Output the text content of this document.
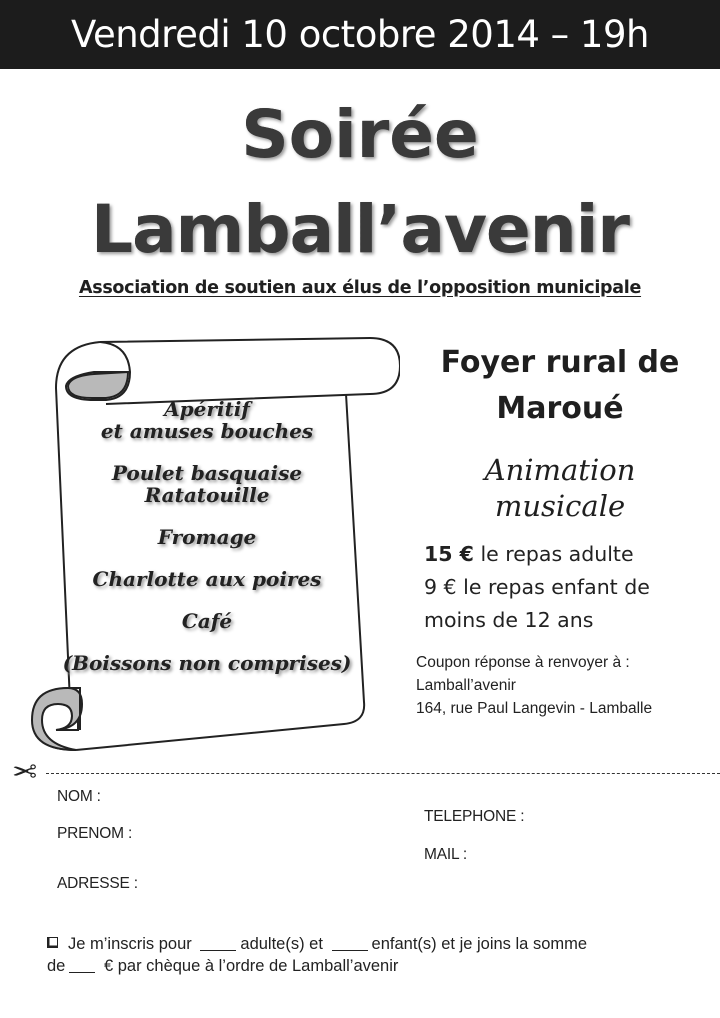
Vendredi 10 octobre 2014 – 19h
Soirée
Lamball’avenir
Association de soutien aux élus de l’opposition municipale
Apéritif
et amuses bouches
Poulet basquaise
Ratatouille
Fromage
Charlotte aux poires
Café
(Boissons non comprises)
Foyer rural de
Maroué
Animation
musicale
15 € le repas adulte
9 € le repas enfant de
moins de 12 ans
Coupon réponse à renvoyer à :
Lamball’avenir
164, rue Paul Langevin - Lamballe
✂
NOM :
PRENOM :
ADRESSE :
TELEPHONE :
MAIL :
Je m’inscris pour	adulte(s) et	enfant(s) et je joins la somme
de € par chèque à l’ordre de Lamball’avenir
